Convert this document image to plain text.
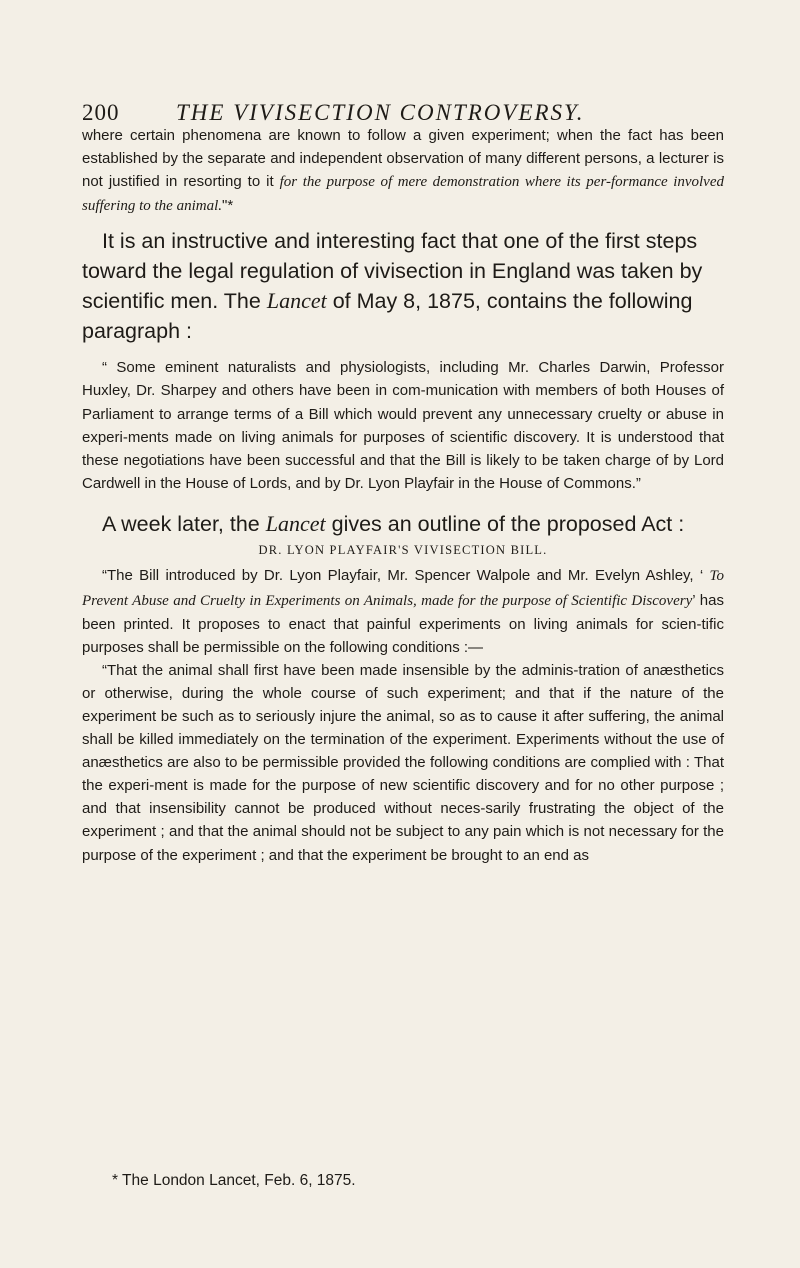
200 THE VIVISECTION CONTROVERSY.

where certain phenomena are known to follow a given experiment; when the fact has been established by the separate and independent observation of many different persons, a lecturer is not justified in resorting to it for the purpose of mere demonstration where its per-formance involved suffering to the animal."*

It is an instructive and interesting fact that one of the first steps toward the legal regulation of vivisection in England was taken by scientific men. The Lancet of May 8, 1875, contains the following paragraph :

“ Some eminent naturalists and physiologists, including Mr. Charles Darwin, Professor Huxley, Dr. Sharpey and others have been in com-munication with members of both Houses of Parliament to arrange terms of a Bill which would prevent any unnecessary cruelty or abuse in experi-ments made on living animals for purposes of scientific discovery. It is understood that these negotiations have been successful and that the Bill is likely to be taken charge of by Lord Cardwell in the House of Lords, and by Dr. Lyon Playfair in the House of Commons.”

A week later, the Lancet gives an outline of the proposed Act :

DR. LYON PLAYFAIR'S VIVISECTION BILL.

“The Bill introduced by Dr. Lyon Playfair, Mr. Spencer Walpole and Mr. Evelyn Ashley, ‘ To Prevent Abuse and Cruelty in Experiments on Animals, made for the purpose of Scientific Discovery’ has been printed. It proposes to enact that painful experiments on living animals for scien-tific purposes shall be permissible on the following conditions :—

“That the animal shall first have been made insensible by the adminis-tration of anæsthetics or otherwise, during the whole course of such experiment; and that if the nature of the experiment be such as to seriously injure the animal, so as to cause it after suffering, the animal shall be killed immediately on the termination of the experiment. Experiments without the use of anæsthetics are also to be permissible provided the following conditions are complied with : That the experi-ment is made for the purpose of new scientific discovery and for no other purpose ; and that insensibility cannot be produced without neces-sarily frustrating the object of the experiment ; and that the animal should not be subject to any pain which is not necessary for the purpose of the experiment ; and that the experiment be brought to an end as

* The London Lancet, Feb. 6, 1875.
